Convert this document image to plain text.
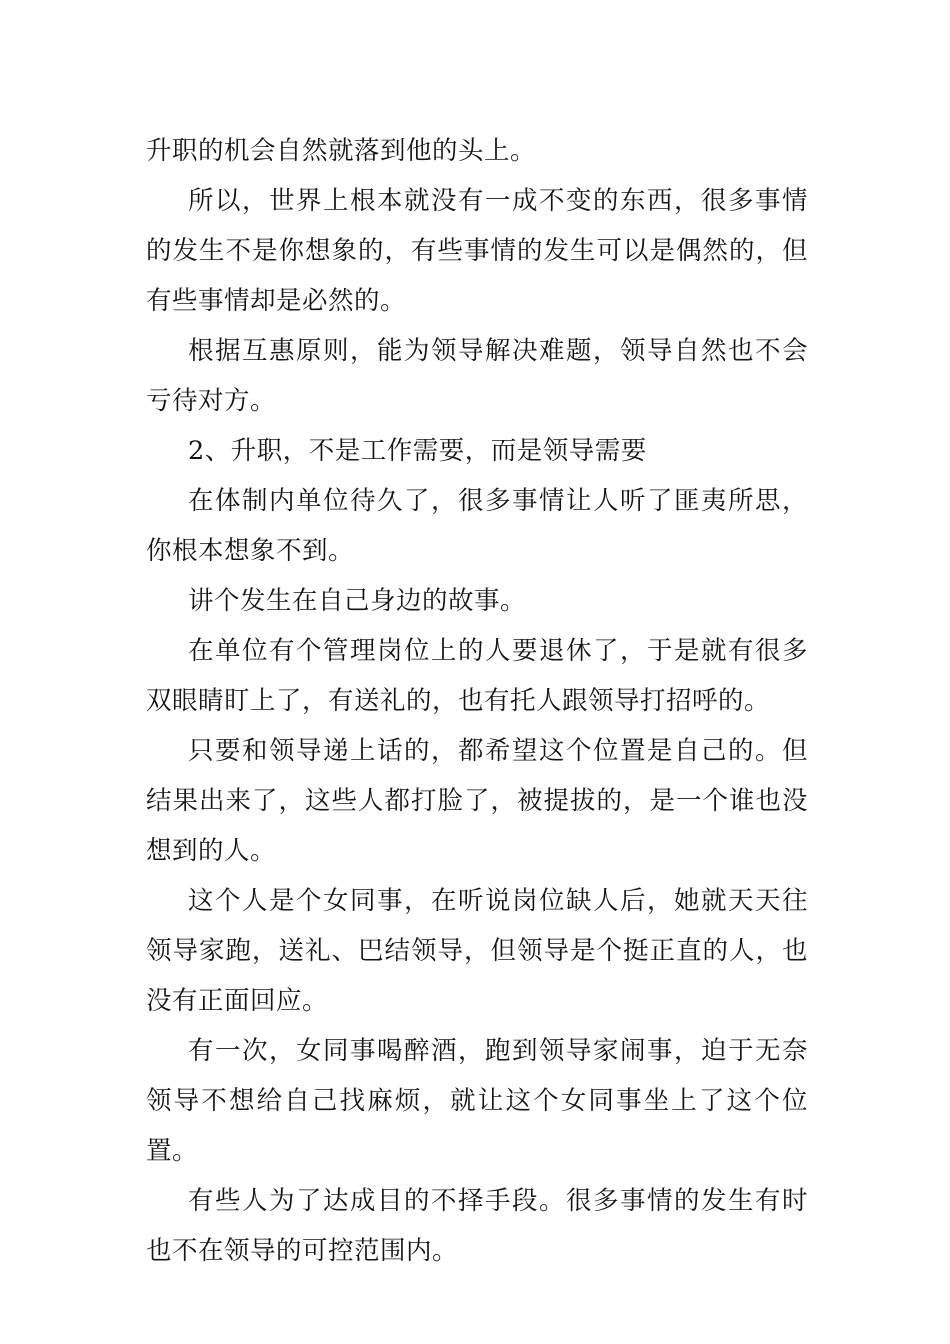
升职的机会自然就落到他的头上。

所以，世界上根本就没有一成不变的东西，很多事情的发生不是你想象的，有些事情的发生可以是偶然的，但有些事情却是必然的。

根据互惠原则，能为领导解决难题，领导自然也不会亏待对方。

2、升职，不是工作需要，而是领导需要

在体制内单位待久了，很多事情让人听了匪夷所思，你根本想象不到。

讲个发生在自己身边的故事。

在单位有个管理岗位上的人要退休了，于是就有很多双眼睛盯上了，有送礼的，也有托人跟领导打招呼的。

只要和领导递上话的，都希望这个位置是自己的。但结果出来了，这些人都打脸了，被提拔的，是一个谁也没想到的人。

这个人是个女同事，在听说岗位缺人后，她就天天往领导家跑，送礼、巴结领导，但领导是个挺正直的人，也没有正面回应。

有一次，女同事喝醉酒，跑到领导家闹事，迫于无奈领导不想给自己找麻烦，就让这个女同事坐上了这个位置。

有些人为了达成目的不择手段。很多事情的发生有时也不在领导的可控范围内。
